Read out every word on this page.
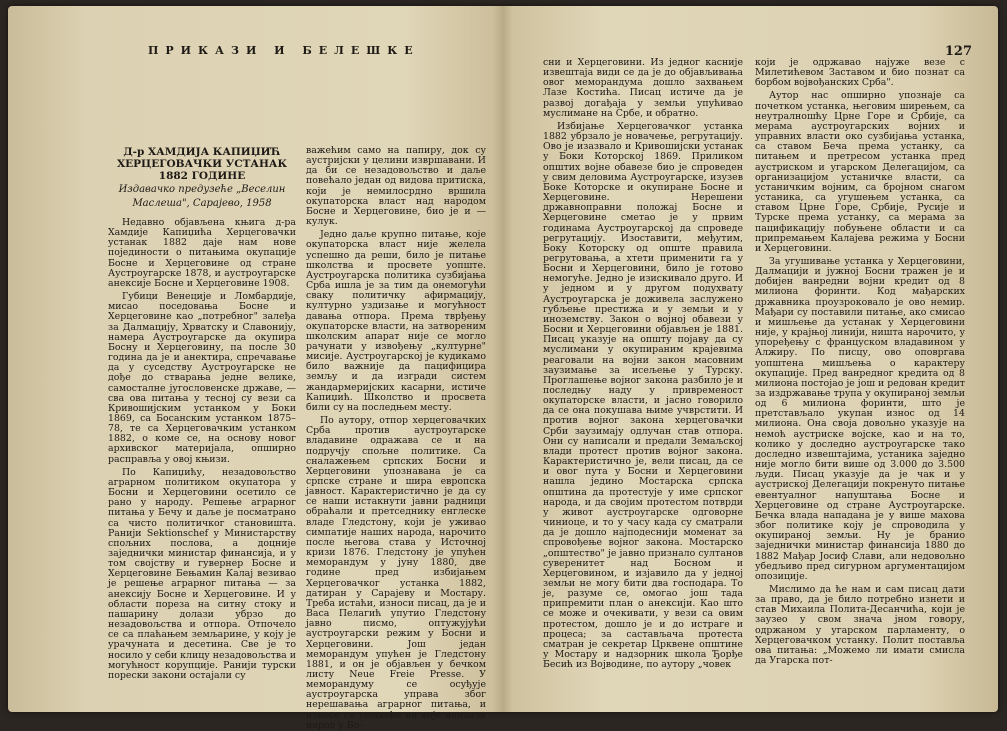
ПРИКАЗИ И БЕЛЕШКЕ
Д-р ХАМДИЈА КАПИЏИЋ
ХЕРЦЕГОВАЧКИ УСТАНАК
1882 ГОДИНЕ
Издавачко предузеће „Веселин
Маслеша", Сарајево, 1958

Недавно објављена књига д-ра Хамдије Капиџића Херцеговачки устанак 1882 даје нам нове појединости о питањима окупације Босне и Херцеговине од стране Аустроугарске 1878, и аустроугарске анексије Босне и Херцеговине 1908.

Губици Венеције и Ломбардије, мисао поседовања Босне и Херцеговине као „потребног" залеђа за Далмацију, Хрватску и Славонију, намера Аустроугарске да окупира Босну и Херцеговину, па после 30 година да је и анектира, спречавање да у суседству Аустроугарске не дође до стварања једне велике, самосталне југословенске државе, — сва ова питања у тесној су вези са Кривошијским устанком у Боки 1869, са Босанским устанком 1875–78, те са Херцеговачким устанком 1882, о коме се, на основу новог архивског материјала, опширно расправља у овој књизи.

По Капиџићу, незадовољство аграрном политиком окупатора у Босни и Херцеговини осетило се рано у народу. Решење аграрног питања у Бечу и даље је посматрано са чисто политичког становишта. Ранији Sektionschef у Министарству спољних послова, а доцније заједнички министар финансија, и у том својству и гувернер Босне и Херцеговине Бењамин Калај везивао је решење аграрног питања — за анексију Босне и Херцеговине. И у области пореза на ситну стоку и пашарину долази убрзо до незадовољства и отпора. Отпочело се са плаћањем земљарине, у коју је урачуната и десетина. Све је то носило у себи клицу незадовољства и могућност корупције. Ранији турски порески закони остајали су

важећим само на папиру, док су аустријски у целини извршавани. И да би се незадовољство и даље повећало један од видова притиска, који је немилосрдно вршила окупаторска власт над народом Босне и Херцеговине, био је и — кулук.

Једно даље крупно питање, које окупаторска власт није желела успешно да реши, било је питање школства и просвете уопште. Аустроугарска политика сузбијања Срба ишла је за тим да онемогући сваку политичку афирмацију, културно уздизање и могућност давања отпора. Према тврђењу окупаторске власти, на затвореним школским апарат није се могло рачунати у извођењу „културне" мисије. Аустроугарској је кудикамо било важније да пацифицира земљу и да изгради систем жандармеријских касарни, истиче Капиџић. Школство и просвета били су на последњем месту.

По аутору, отпор херцеговачких Срба против аустроугарске владавине одражава се и на подручју спољне политике. Са сналажењем српских Босни и Херцеговини упознавана је са српске стране и шира европска јавност. Карактеристично је да су се наши истакнути јавни радници обраћали и претседнику енглеске владе Гледстону, који је уживао симпатије наших народа, нарочито после његова става у Источној кризи 1876. Гледстону је упућен меморандум у јуну 1880, две године пред избијањем Херцеговачког устанка 1882, датиран у Сарајеву и Мостару. Треба истаћи, износи писац, да је и Васа Пелагић упутио Гледстону јавно писмо, оптужујући аустроугарски режим у Босни и Херцеговини. Још један меморандум упућен је Гледстону 1881, и он је објављен у бечком листу Neue Freie Presse. У меморандуму се осуђује аустроугарска управа због нерешавања аграрног питања, и износе се тешкоће на које наилази народ у Бо-

127

сни и Херцеговини. Из једног касније извештаја види се да је до објављивања овог меморандума дошло захвањем Лазе Костића. Писац истиче да је развој догађаја у земљи упућивао муслимане на Србе, и обратно.

Избијање Херцеговачког устанка 1882 убрзало је новачење, регрутацију. Ово је изазвало и Кривошијски устанак у Боки Которској 1869. Приликом општих војне обавезе био је спроведен у свим деловима Аустроугарске, изузев Боке Которске и окупиране Босне и Херцеговине. Нерешени државноправни положај Босне и Херцеговине сметао је у првим годинама Аустроугарској да спроведе регрутацију. Изоставити, међутим, Боку Которску од опште правила регрутовања, а хтети применити га у Босни и Херцеговини, било је готово немогуће. Једно је изискивало друго. И у једном и у другом подухвату Аустроугарска је доживела заслужено губљење престижа и у земљи и у иноземству. Закон о војној обавези у Босни и Херцеговини објављен је 1881. Писац указује на општу појаву да су муслимани у окупираним крајевима реаговали на војни закон масовним заузимање за исељење у Турску. Проглашење војног закона разбило је и последњу наду у привременост окупаторске власти, и јасно говорило да се она покушава њиме учврстити. И против војног закона херцеговачки Срби заузимају одлучан став отпора. Они су написали и предали Земаљској влади протест против војног закона. Карактеристично је, вели писац, да се и овог пута у Босни и Херцеговини нашла једино Мостарска српска општина да протестује у име српског народа, и да својим протестом потврди у живот аустроугарске одговорне чиниоце, и то у часу када су сматрали да је дошло најподеснији моменат за спровођење војног закона. Мостарско „општество" је јавно признало султанов суверенитет над Босном и Херцеговином, и изјавило да у једној земљи не могу бити два господара. То је, разуме се, омогао још тада припремити план о анексији. Као што се може и очекивати, у вези са овим протестом, дошло је и до истраге и процеса; за састављача протеста сматран је секретар Црквене општине у Мостару и надзорник школа Ђорђе Бесић из Војводине, по аутору „човек

који је одржавао најуже везе с Милетићевом Заставом и био познат са борбом војвођанских Срба".

Аутор нас опширно упознаје са почетком устанка, његовим ширењем, са неутралношћу Црне Горе и Србије, са мерама аустроугарских војних и управних власти око сузбијања устанка, са ставом Беча према устанку, са питањем и претресом устанка пред аустриском и угарском Делегацијом, са организацијом устаничке власти, са устаничким војним, са бројном снагом устаника, са угушењем устанка, са ставом Црне Горе, Србије, Русије и Турске према устанку, са мерама за пацификацију побуњене области и са припремањем Калајева режима у Босни и Херцеговини.

За угушивање устанка у Херцеговини, Далмацији и јужној Босни тражен је и добијен ванредни војни кредит од 8 милиона форинти. Код мађарских државника проузроковало је ово немир. Мађари су поставили питање, ако смисао и мишљење да устанак у Херцеговини није, у крајњој линији, ништа нарочито, у упоређењу с француском владавином у Алжиру. По писцу, ово оповргава уопштена мишљења о карактеру окупације. Пред ванредног кредита од 8 милиона постојао је још и редован кредит за издржавање трупа у окупираној земљи од 6 милиона форинти, што је претстављало укупан износ од 14 милиона. Она своја довољно указује на немоћ аустриске војске, као и на то, колико у доследно аустроугарске тако доследно извештајима, устаника заједно није могло бити више од 3.000 до 3.500 људи. Писац указује да је чак и у аустриској Делегацији покренуто питање евентуалног напуштања Босне и Херцеговине од стране Аустроугарске. Бечка влада нападана је у више махова због политике коју је спроводила у окупираној земљи. Ну је бранио заједнички министар финансија 1880 до 1882 Мађар Јосиф Слави, али недовољно убедљиво пред сигурном аргументацијом опозиције.

Мислимо да ће нам и сам писац дати за право, да је било потребно изнети и став Михаила Полита-Десанчића, који је заузео у свом знача јном говору, одржаном у угарском парламенту, о Херцеговачком устанку. Полит поставља ова питања: „Можемо ли имати смисла да Угарска пот-
